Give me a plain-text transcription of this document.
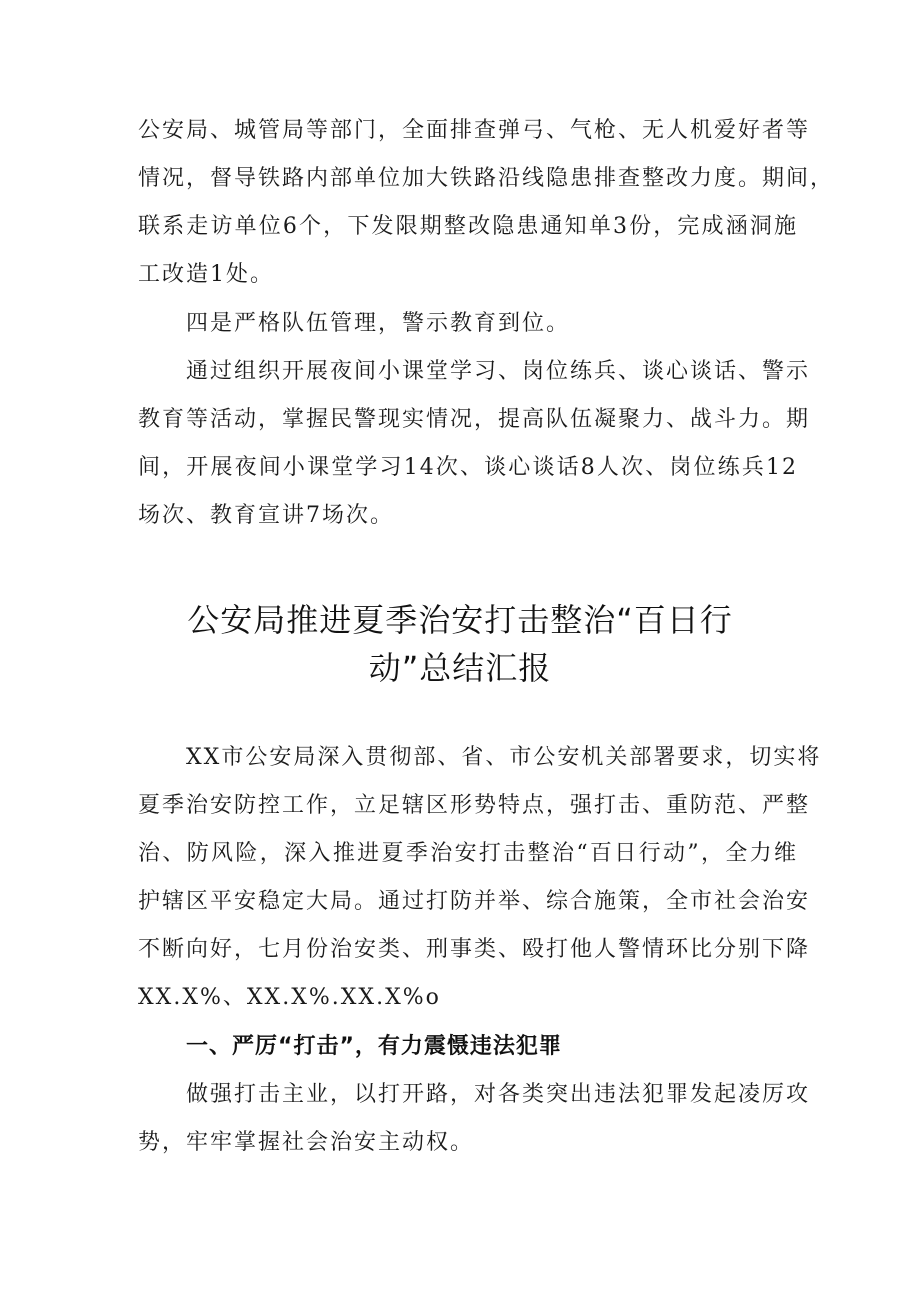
公安局、城管局等部门，全面排查弹弓、气枪、无人机爱好者等
情况，督导铁路内部单位加大铁路沿线隐患排查整改力度。期间，
联系走访单位6个，下发限期整改隐患通知单3份，完成涵洞施
工改造1处。
四是严格队伍管理，警示教育到位。
通过组织开展夜间小课堂学习、岗位练兵、谈心谈话、警示
教育等活动，掌握民警现实情况，提高队伍凝聚力、战斗力。期
间，开展夜间小课堂学习14次、谈心谈话8人次、岗位练兵12
场次、教育宣讲7场次。
公安局推进夏季治安打击整治“百日行
动”总结汇报
XX市公安局深入贯彻部、省、市公安机关部署要求，切实将
夏季治安防控工作，立足辖区形势特点，强打击、重防范、严整
治、防风险，深入推进夏季治安打击整治“百日行动”，全力维
护辖区平安稳定大局。通过打防并举、综合施策，全市社会治安
不断向好，七月份治安类、刑事类、殴打他人警情环比分别下降
XX.X%、XX.X%.XX.X%o
一、严厉“打击”，有力震慑违法犯罪
做强打击主业，以打开路，对各类突出违法犯罪发起凌厉攻
势，牢牢掌握社会治安主动权。
